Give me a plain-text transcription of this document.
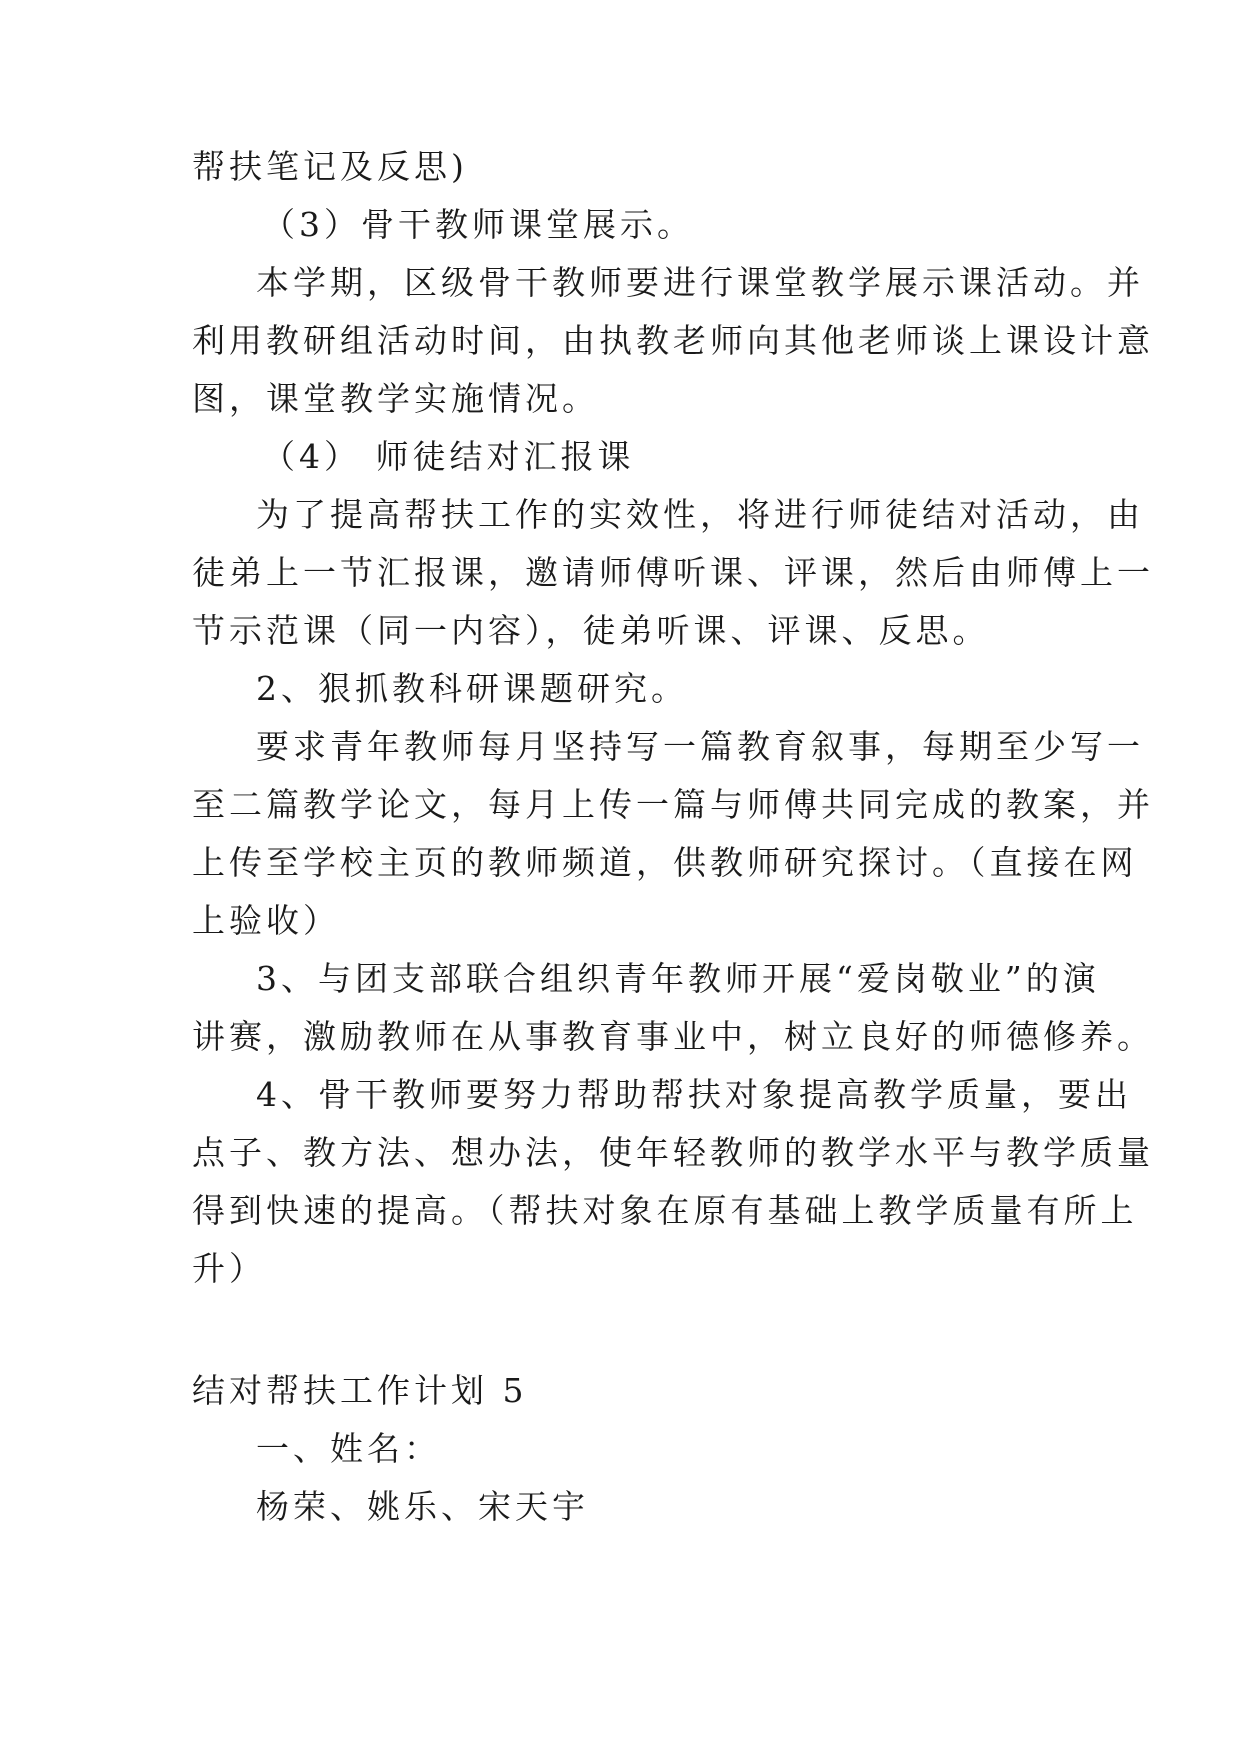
帮扶笔记及反思)
（3）骨干教师课堂展示。
本学期，区级骨干教师要进行课堂教学展示课活动。并
利用教研组活动时间，由执教老师向其他老师谈上课设计意
图，课堂教学实施情况。
（4） 师徒结对汇报课
为了提高帮扶工作的实效性，将进行师徒结对活动，由
徒弟上一节汇报课，邀请师傅听课、评课，然后由师傅上一
节示范课（同一内容），徒弟听课、评课、反思。
2、狠抓教科研课题研究。
要求青年教师每月坚持写一篇教育叙事，每期至少写一
至二篇教学论文，每月上传一篇与师傅共同完成的教案，并
上传至学校主页的教师频道，供教师研究探讨。（直接在网
上验收）
3、与团支部联合组织青年教师开展“爱岗敬业”的演
讲赛，激励教师在从事教育事业中，树立良好的师德修养。
4、骨干教师要努力帮助帮扶对象提高教学质量，要出
点子、教方法、想办法，使年轻教师的教学水平与教学质量
得到快速的提高。（帮扶对象在原有基础上教学质量有所上
升）
结对帮扶工作计划 5
一、姓名：
杨荣、姚乐、宋天宇
